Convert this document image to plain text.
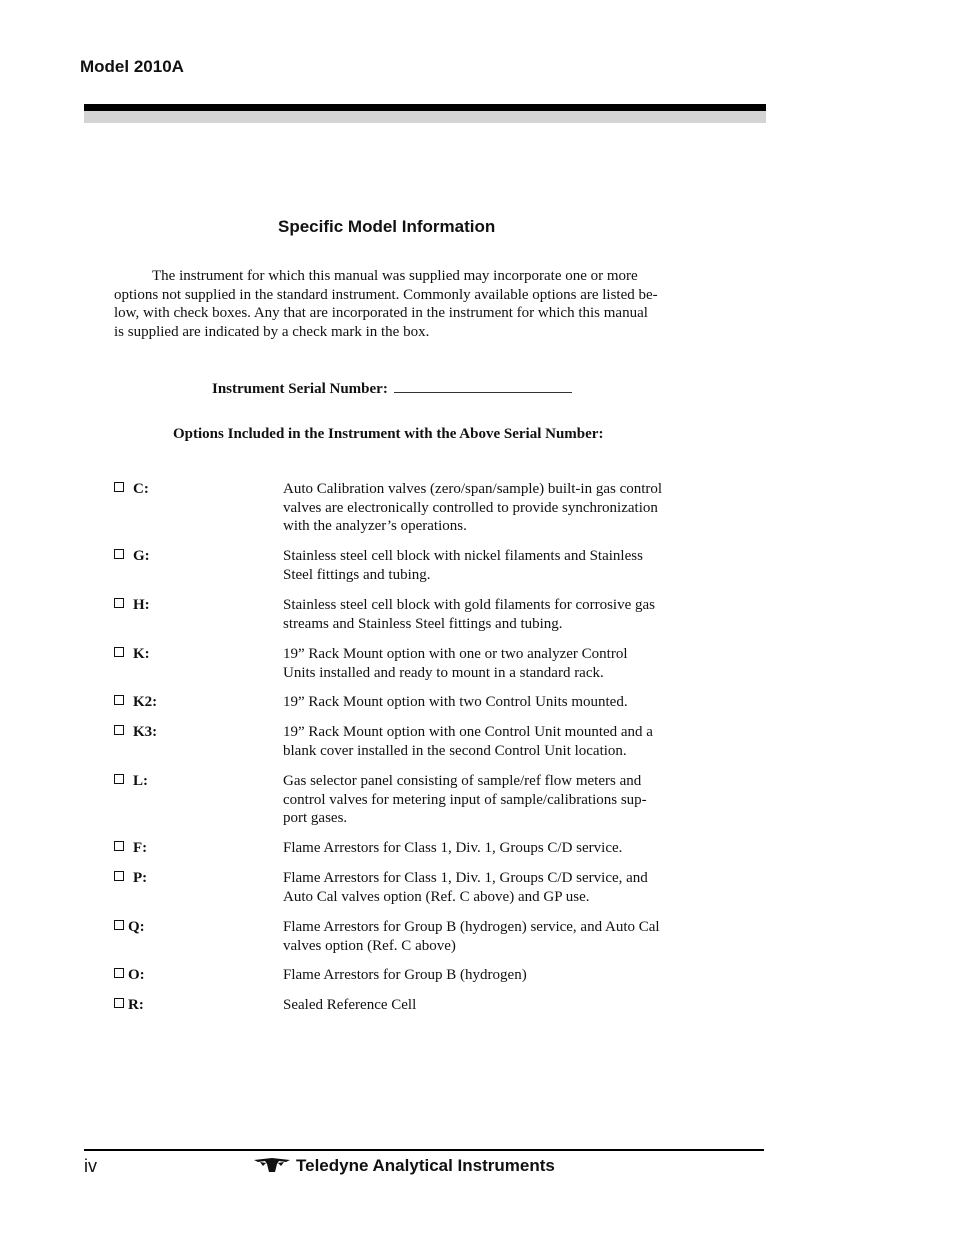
Model 2010A
Specific Model Information
The instrument for which this manual was supplied may incorporate one or more
options not supplied in the standard instrument. Commonly available options are listed be-
low, with check boxes. Any that are incorporated in the instrument for which this manual
is supplied are indicated by a check mark in the box.
Instrument Serial Number:
Options Included in the Instrument with the Above Serial Number:
C:	Auto Calibration valves (zero/span/sample) built-in gas control
valves are electronically controlled to provide synchronization
with the analyzer’s operations.
G:	Stainless steel cell block with nickel filaments and Stainless
Steel fittings and tubing.
H:	Stainless steel cell block with gold filaments for corrosive gas
streams and Stainless Steel fittings and tubing.
K:	19” Rack Mount option with one or two analyzer Control
Units installed and ready to mount in a standard rack.
K2:	19” Rack Mount option with two Control Units mounted.
K3:	19” Rack Mount option with one Control Unit mounted and a
blank cover installed in the second Control Unit location.
L:	Gas selector panel consisting of sample/ref flow meters and
control valves for metering input of sample/calibrations sup-
port gases.
F:	Flame Arrestors for Class 1, Div. 1, Groups C/D service.
P:	Flame Arrestors for Class 1, Div. 1, Groups C/D service, and
Auto Cal valves option (Ref. C above) and GP use.
Q:	Flame Arrestors for Group B (hydrogen) service, and Auto Cal
valves option (Ref. C above)
O:	Flame Arrestors for Group B (hydrogen)
R:	Sealed Reference Cell
iv	Teledyne Analytical Instruments
